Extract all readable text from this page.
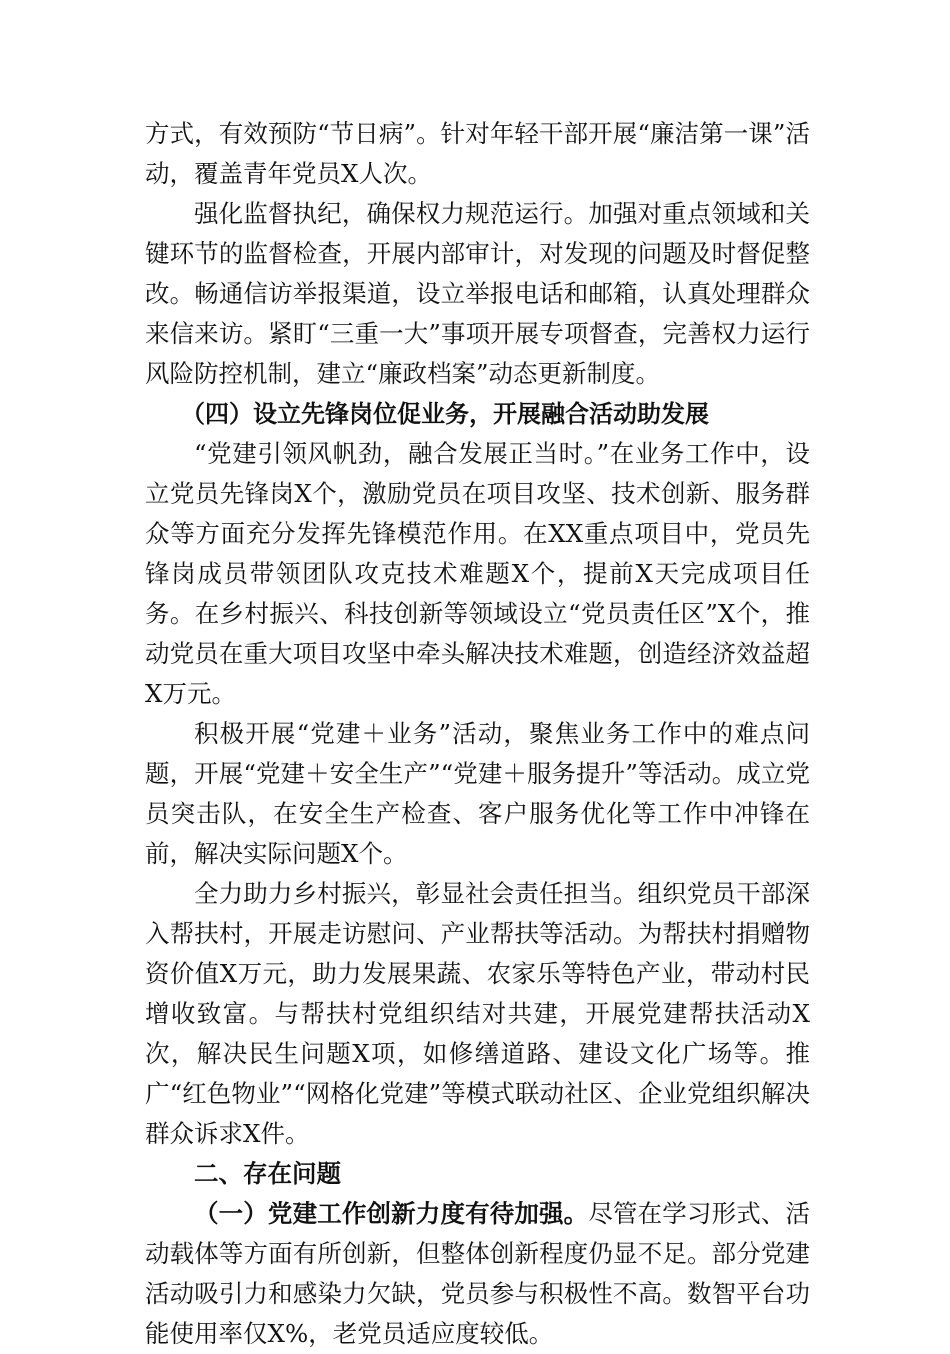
方式，有效预防“节日病”。针对年轻干部开展“廉洁第一课”活动，覆盖青年党员X人次。

强化监督执纪，确保权力规范运行。加强对重点领域和关键环节的监督检查，开展内部审计，对发现的问题及时督促整改。畅通信访举报渠道，设立举报电话和邮箱，认真处理群众来信来访。紧盯“三重一大”事项开展专项督查，完善权力运行风险防控机制，建立“廉政档案”动态更新制度。

（四）设立先锋岗位促业务，开展融合活动助发展

“党建引领风帆劲，融合发展正当时。”在业务工作中，设立党员先锋岗X个，激励党员在项目攻坚、技术创新、服务群众等方面充分发挥先锋模范作用。在XX重点项目中，党员先锋岗成员带领团队攻克技术难题X个，提前X天完成项目任务。在乡村振兴、科技创新等领域设立“党员责任区”X个，推动党员在重大项目攻坚中牵头解决技术难题，创造经济效益超X万元。

积极开展“党建＋业务”活动，聚焦业务工作中的难点问题，开展“党建＋安全生产”“党建＋服务提升”等活动。成立党员突击队，在安全生产检查、客户服务优化等工作中冲锋在前，解决实际问题X个。

全力助力乡村振兴，彰显社会责任担当。组织党员干部深入帮扶村，开展走访慰问、产业帮扶等活动。为帮扶村捐赠物资价值X万元，助力发展果蔬、农家乐等特色产业，带动村民增收致富。与帮扶村党组织结对共建，开展党建帮扶活动X次，解决民生问题X项，如修缮道路、建设文化广场等。推广“红色物业”“网格化党建”等模式联动社区、企业党组织解决群众诉求X件。

二、存在问题

（一）党建工作创新力度有待加强。尽管在学习形式、活动载体等方面有所创新，但整体创新程度仍显不足。部分党建活动吸引力和感染力欠缺，党员参与积极性不高。数智平台功能使用率仅X%，老党员适应度较低。
